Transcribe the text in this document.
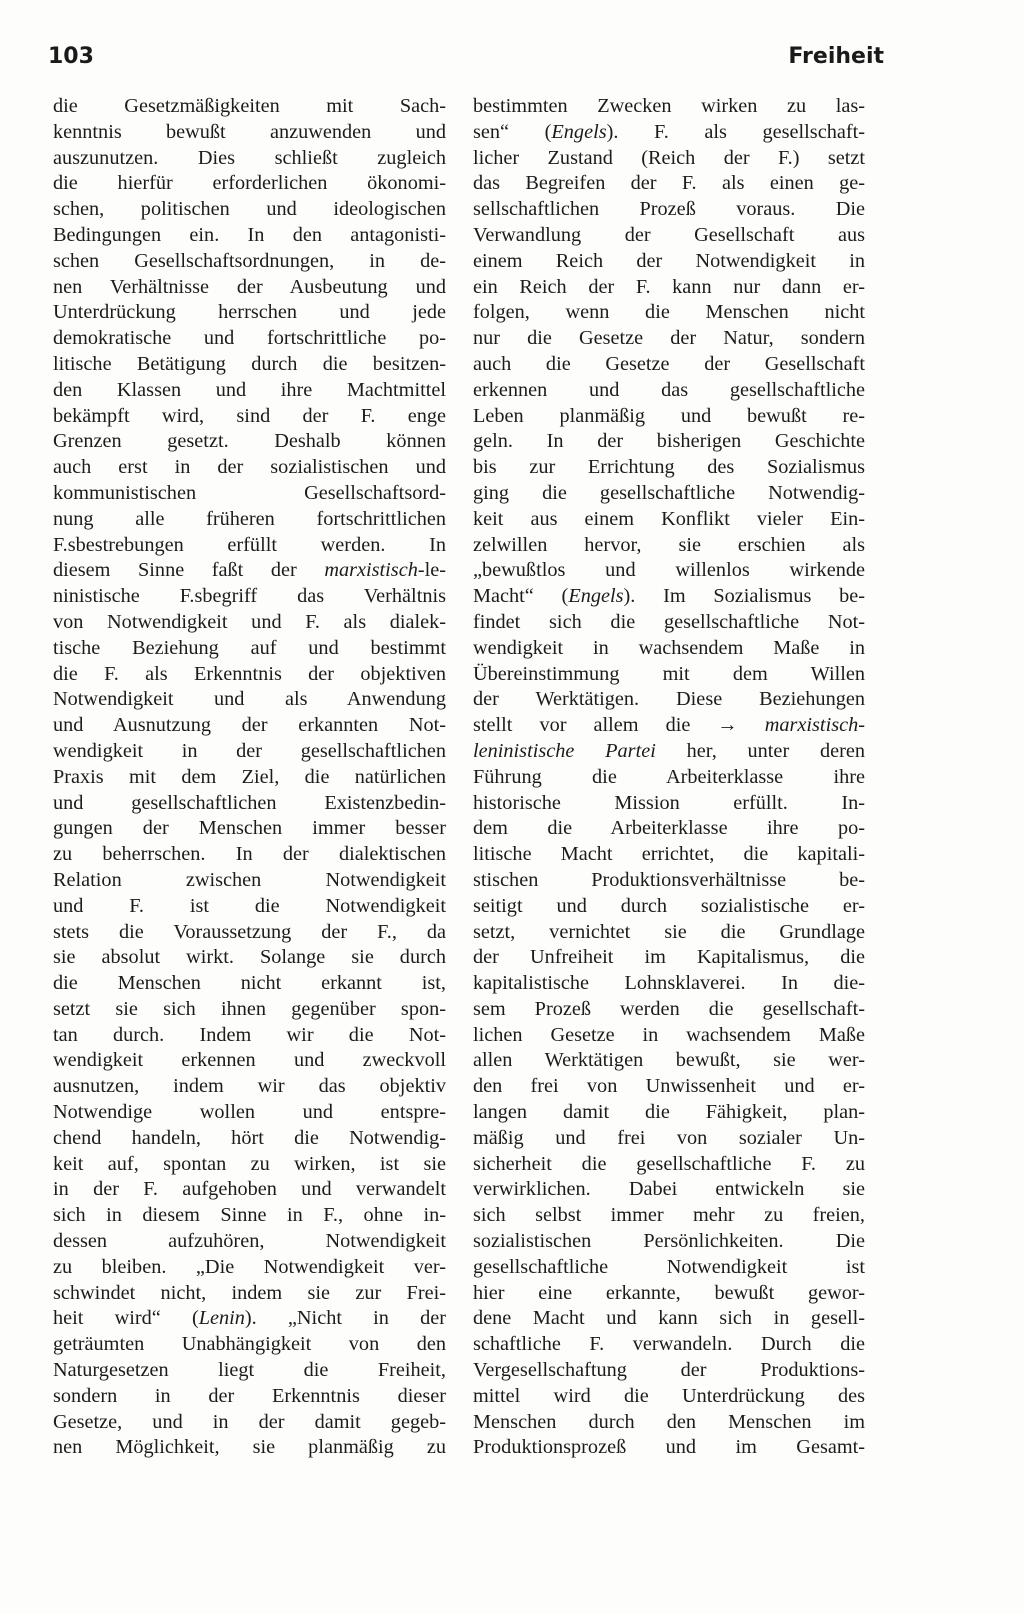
103	Freiheit
die Gesetzmäßigkeiten mit Sach-
kenntnis bewußt anzuwenden und
auszunutzen. Dies schließt zugleich
die hierfür erforderlichen ökonomi-
schen, politischen und ideologischen
Bedingungen ein. In den antagonisti-
schen Gesellschaftsordnungen, in de-
nen Verhältnisse der Ausbeutung und
Unterdrückung herrschen und jede
demokratische und fortschrittliche po-
litische Betätigung durch die besitzen-
den Klassen und ihre Machtmittel
bekämpft wird, sind der F. enge
Grenzen gesetzt. Deshalb können
auch erst in der sozialistischen und
kommunistischen Gesellschaftsord-
nung alle früheren fortschrittlichen
F.sbestrebungen erfüllt werden. In
diesem Sinne faßt der marxistisch-le-
ninistische F.sbegriff das Verhältnis
von Notwendigkeit und F. als dialek-
tische Beziehung auf und bestimmt
die F. als Erkenntnis der objektiven
Notwendigkeit und als Anwendung
und Ausnutzung der erkannten Not-
wendigkeit in der gesellschaftlichen
Praxis mit dem Ziel, die natürlichen
und gesellschaftlichen Existenzbedin-
gungen der Menschen immer besser
zu beherrschen. In der dialektischen
Relation zwischen Notwendigkeit
und F. ist die Notwendigkeit
stets die Voraussetzung der F., da
sie absolut wirkt. Solange sie durch
die Menschen nicht erkannt ist,
setzt sie sich ihnen gegenüber spon-
tan durch. Indem wir die Not-
wendigkeit erkennen und zweckvoll
ausnutzen, indem wir das objektiv
Notwendige wollen und entspre-
chend handeln, hört die Notwendig-
keit auf, spontan zu wirken, ist sie
in der F. aufgehoben und verwandelt
sich in diesem Sinne in F., ohne in-
dessen aufzuhören, Notwendigkeit
zu bleiben. „Die Notwendigkeit ver-
schwindet nicht, indem sie zur Frei-
heit wird“ (Lenin). „Nicht in der
geträumten Unabhängigkeit von den
Naturgesetzen liegt die Freiheit,
sondern in der Erkenntnis dieser
Gesetze, und in der damit gegeb-
nen Möglichkeit, sie planmäßig zu
bestimmten Zwecken wirken zu las-
sen“ (Engels). F. als gesellschaft-
licher Zustand (Reich der F.) setzt
das Begreifen der F. als einen ge-
sellschaftlichen Prozeß voraus. Die
Verwandlung der Gesellschaft aus
einem Reich der Notwendigkeit in
ein Reich der F. kann nur dann er-
folgen, wenn die Menschen nicht
nur die Gesetze der Natur, sondern
auch die Gesetze der Gesellschaft
erkennen und das gesellschaftliche
Leben planmäßig und bewußt re-
geln. In der bisherigen Geschichte
bis zur Errichtung des Sozialismus
ging die gesellschaftliche Notwendig-
keit aus einem Konflikt vieler Ein-
zelwillen hervor, sie erschien als
„bewußtlos und willenlos wirkende
Macht“ (Engels). Im Sozialismus be-
findet sich die gesellschaftliche Not-
wendigkeit in wachsendem Maße in
Übereinstimmung mit dem Willen
der Werktätigen. Diese Beziehungen
stellt vor allem die → marxistisch-
leninistische Partei her, unter deren
Führung die Arbeiterklasse ihre
historische Mission erfüllt. In-
dem die Arbeiterklasse ihre po-
litische Macht errichtet, die kapitali-
stischen Produktionsverhältnisse be-
seitigt und durch sozialistische er-
setzt, vernichtet sie die Grundlage
der Unfreiheit im Kapitalismus, die
kapitalistische Lohnsklaverei. In die-
sem Prozeß werden die gesellschaft-
lichen Gesetze in wachsendem Maße
allen Werktätigen bewußt, sie wer-
den frei von Unwissenheit und er-
langen damit die Fähigkeit, plan-
mäßig und frei von sozialer Un-
sicherheit die gesellschaftliche F. zu
verwirklichen. Dabei entwickeln sie
sich selbst immer mehr zu freien,
sozialistischen Persönlichkeiten. Die
gesellschaftliche Notwendigkeit ist
hier eine erkannte, bewußt gewor-
dene Macht und kann sich in gesell-
schaftliche F. verwandeln. Durch die
Vergesellschaftung der Produktions-
mittel wird die Unterdrückung des
Menschen durch den Menschen im
Produktionsprozeß und im Gesamt-
